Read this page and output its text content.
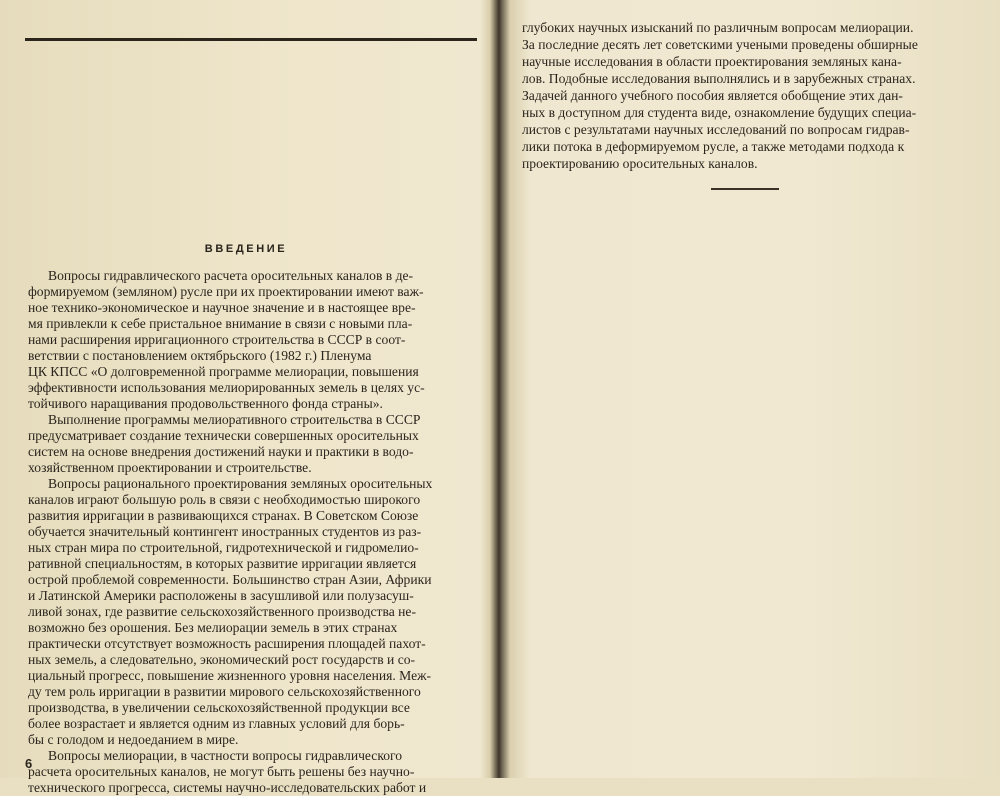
ВВЕДЕНИЕ
Вопросы гидравлического расчета оросительных каналов в де-
формируемом (земляном) русле при их проектировании имеют важ-
ное технико-экономическое и научное значение и в настоящее вре-
мя привлекли к себе пристальное внимание в связи с новыми пла-
нами расширения ирригационного строительства в СССР в соот-
ветствии с постановлением октябрьского (1982 г.) Пленума
ЦК КПСС «О долговременной программе мелиорации, повышения
эффективности использования мелиорированных земель в целях ус-
тойчивого наращивания продовольственного фонда страны».
Выполнение программы мелиоративного строительства в СССР
предусматривает создание технически совершенных оросительных
систем на основе внедрения достижений науки и практики в водо-
хозяйственном проектировании и строительстве.
Вопросы рационального проектирования земляных оросительных
каналов играют большую роль в связи с необходимостью широкого
развития ирригации в развивающихся странах. В Советском Союзе
обучается значительный контингент иностранных студентов из раз-
ных стран мира по строительной, гидротехнической и гидромелио-
ративной специальностям, в которых развитие ирригации является
острой проблемой современности. Большинство стран Азии, Африки
и Латинской Америки расположены в засушливой или полузасуш-
ливой зонах, где развитие сельскохозяйственного производства не-
возможно без орошения. Без мелиорации земель в этих странах
практически отсутствует возможность расширения площадей пахот-
ных земель, а следовательно, экономический рост государств и со-
циальный прогресс, повышение жизненного уровня населения. Меж-
ду тем роль ирригации в развитии мирового сельскохозяйственного
производства, в увеличении сельскохозяйственной продукции все
более возрастает и является одним из главных условий для борь-
бы с голодом и недоеданием в мире.
Вопросы мелиорации, в частности вопросы гидравлического
расчета оросительных каналов, не могут быть решены без научно-
технического прогресса, системы научно-исследовательских работ и
6
глубоких научных изысканий по различным вопросам мелиорации.
За последние десять лет советскими учеными проведены обширные
научные исследования в области проектирования земляных кана-
лов. Подобные исследования выполнялись и в зарубежных странах.
Задачей данного учебного пособия является обобщение этих дан-
ных в доступном для студента виде, ознакомление будущих специа-
листов с результатами научных исследований по вопросам гидрав-
лики потока в деформируемом русле, а также методами подхода к
проектированию оросительных каналов.
